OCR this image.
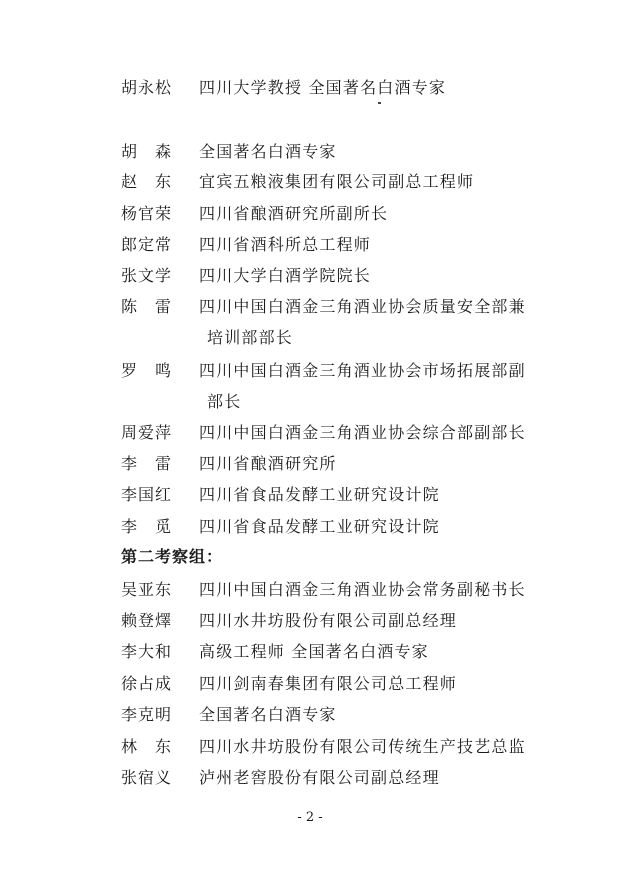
胡永松 四川大学教授 全国著名白酒专家
胡　森 全国著名白酒专家
赵　东 宜宾五粮液集团有限公司副总工程师
杨官荣 四川省酿酒研究所副所长
郎定常 四川省酒科所总工程师
张文学 四川大学白酒学院院长
陈　雷 四川中国白酒金三角酒业协会质量安全部兼
培训部部长
罗　鸣 四川中国白酒金三角酒业协会市场拓展部副
部长
周爱萍 四川中国白酒金三角酒业协会综合部副部长
李　雷 四川省酿酒研究所
李国红 四川省食品发酵工业研究设计院
李　觅 四川省食品发酵工业研究设计院
第二考察组：
吴亚东 四川中国白酒金三角酒业协会常务副秘书长
赖登燡 四川水井坊股份有限公司副总经理
李大和 高级工程师 全国著名白酒专家
徐占成 四川剑南春集团有限公司总工程师
李克明 全国著名白酒专家
林　东 四川水井坊股份有限公司传统生产技艺总监
张宿义 泸州老窖股份有限公司副总经理
- 2 -
